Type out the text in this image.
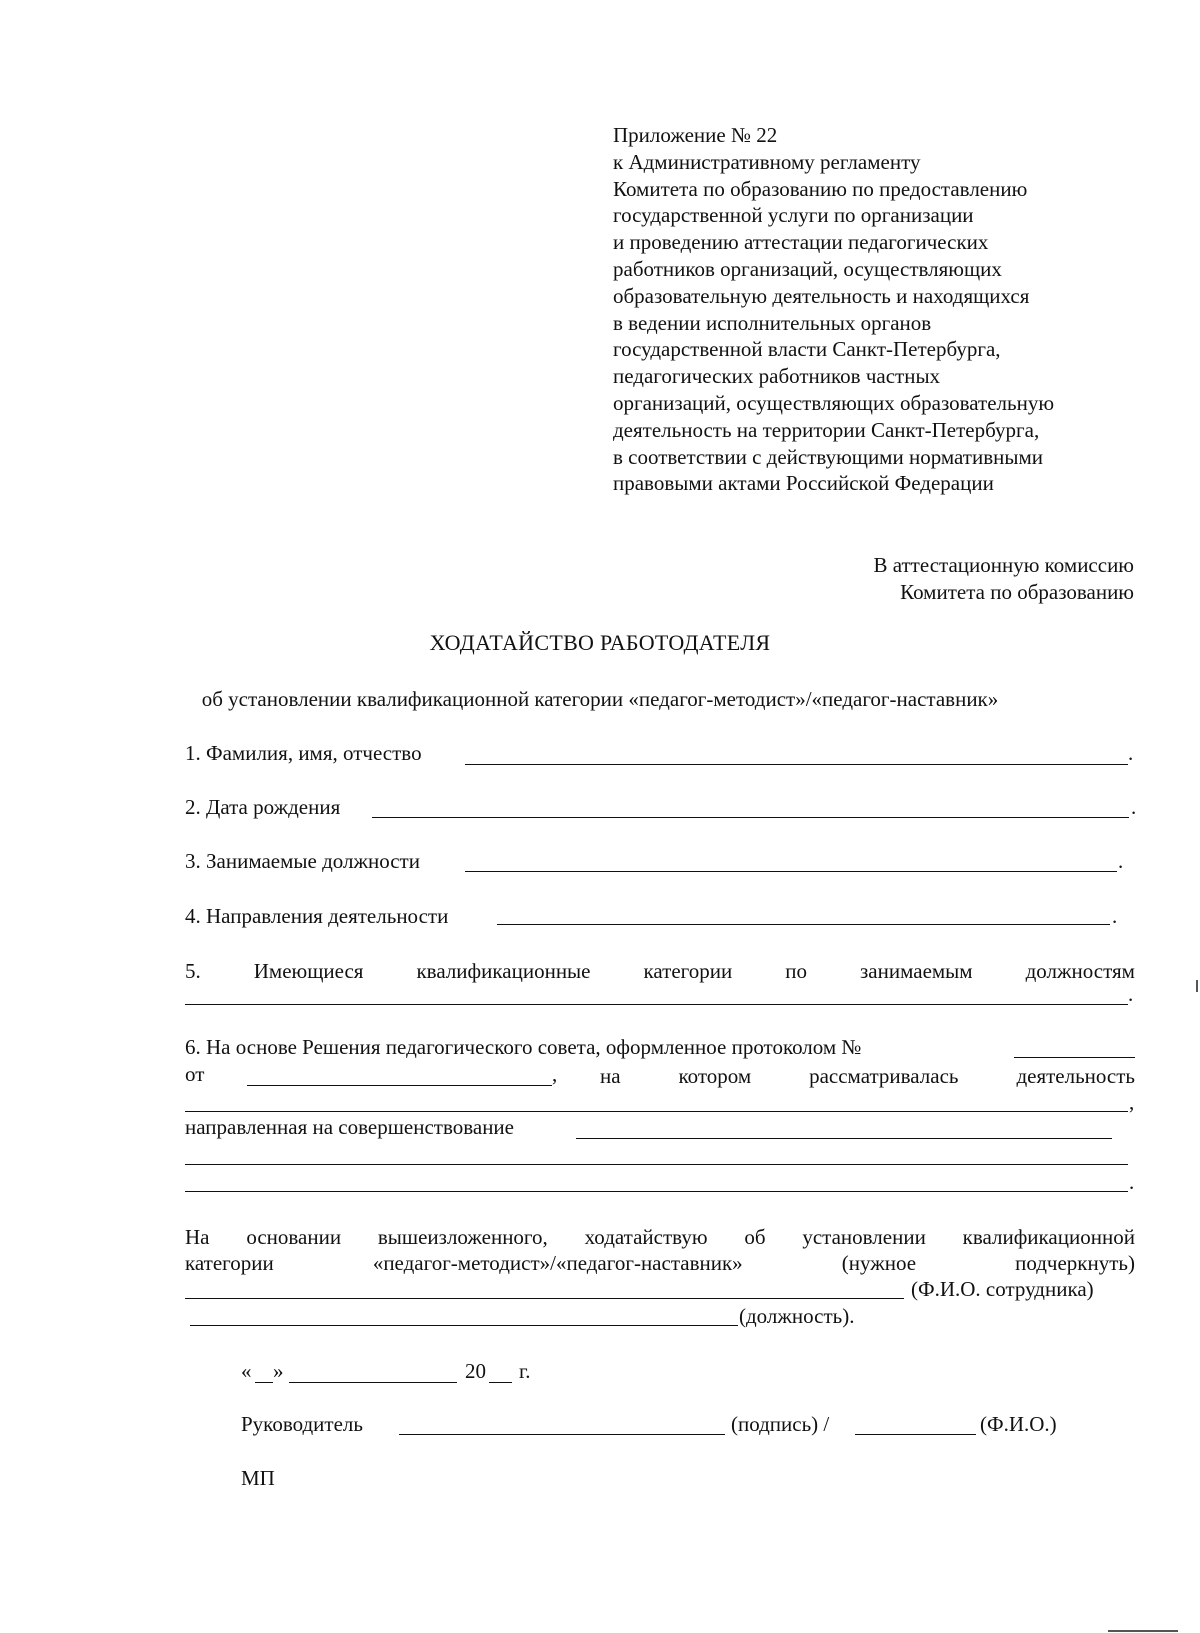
Приложение № 22
к Административному регламенту
Комитета по образованию по предоставлению
государственной услуги по организации
и проведению аттестации педагогических
работников организаций, осуществляющих
образовательную деятельность и находящихся
в ведении исполнительных органов
государственной власти Санкт-Петербурга,
педагогических работников частных
организаций, осуществляющих образовательную
деятельность на территории Санкт-Петербурга,
в соответствии с действующими нормативными
правовыми актами Российской Федерации
В аттестационную комиссию
Комитета по образованию
ХОДАТАЙСТВО РАБОТОДАТЕЛЯ
об установлении квалификационной категории «педагог-методист»/«педагог-наставник»
1. Фамилия, имя, отчество	.
2. Дата рождения	.
3. Занимаемые должности	.
4. Направления деятельности	.
5.	Имеющиеся	квалификационные	категории	по	занимаемым	должностям
.
6. На основе Решения педагогического совета, оформленное протоколом №
от	, на	котором	рассматривалась	деятельность
,
направленная на совершенствование
.
На основании вышеизложенного, ходатайствую об установлении квалификационной
категории	«педагог-методист»/«педагог-наставник»	(нужное	подчеркнуть)
(Ф.И.О. сотрудника)
(должность).
« »	20 г.
Руководитель	(подпись) /	(Ф.И.О.)
МП
